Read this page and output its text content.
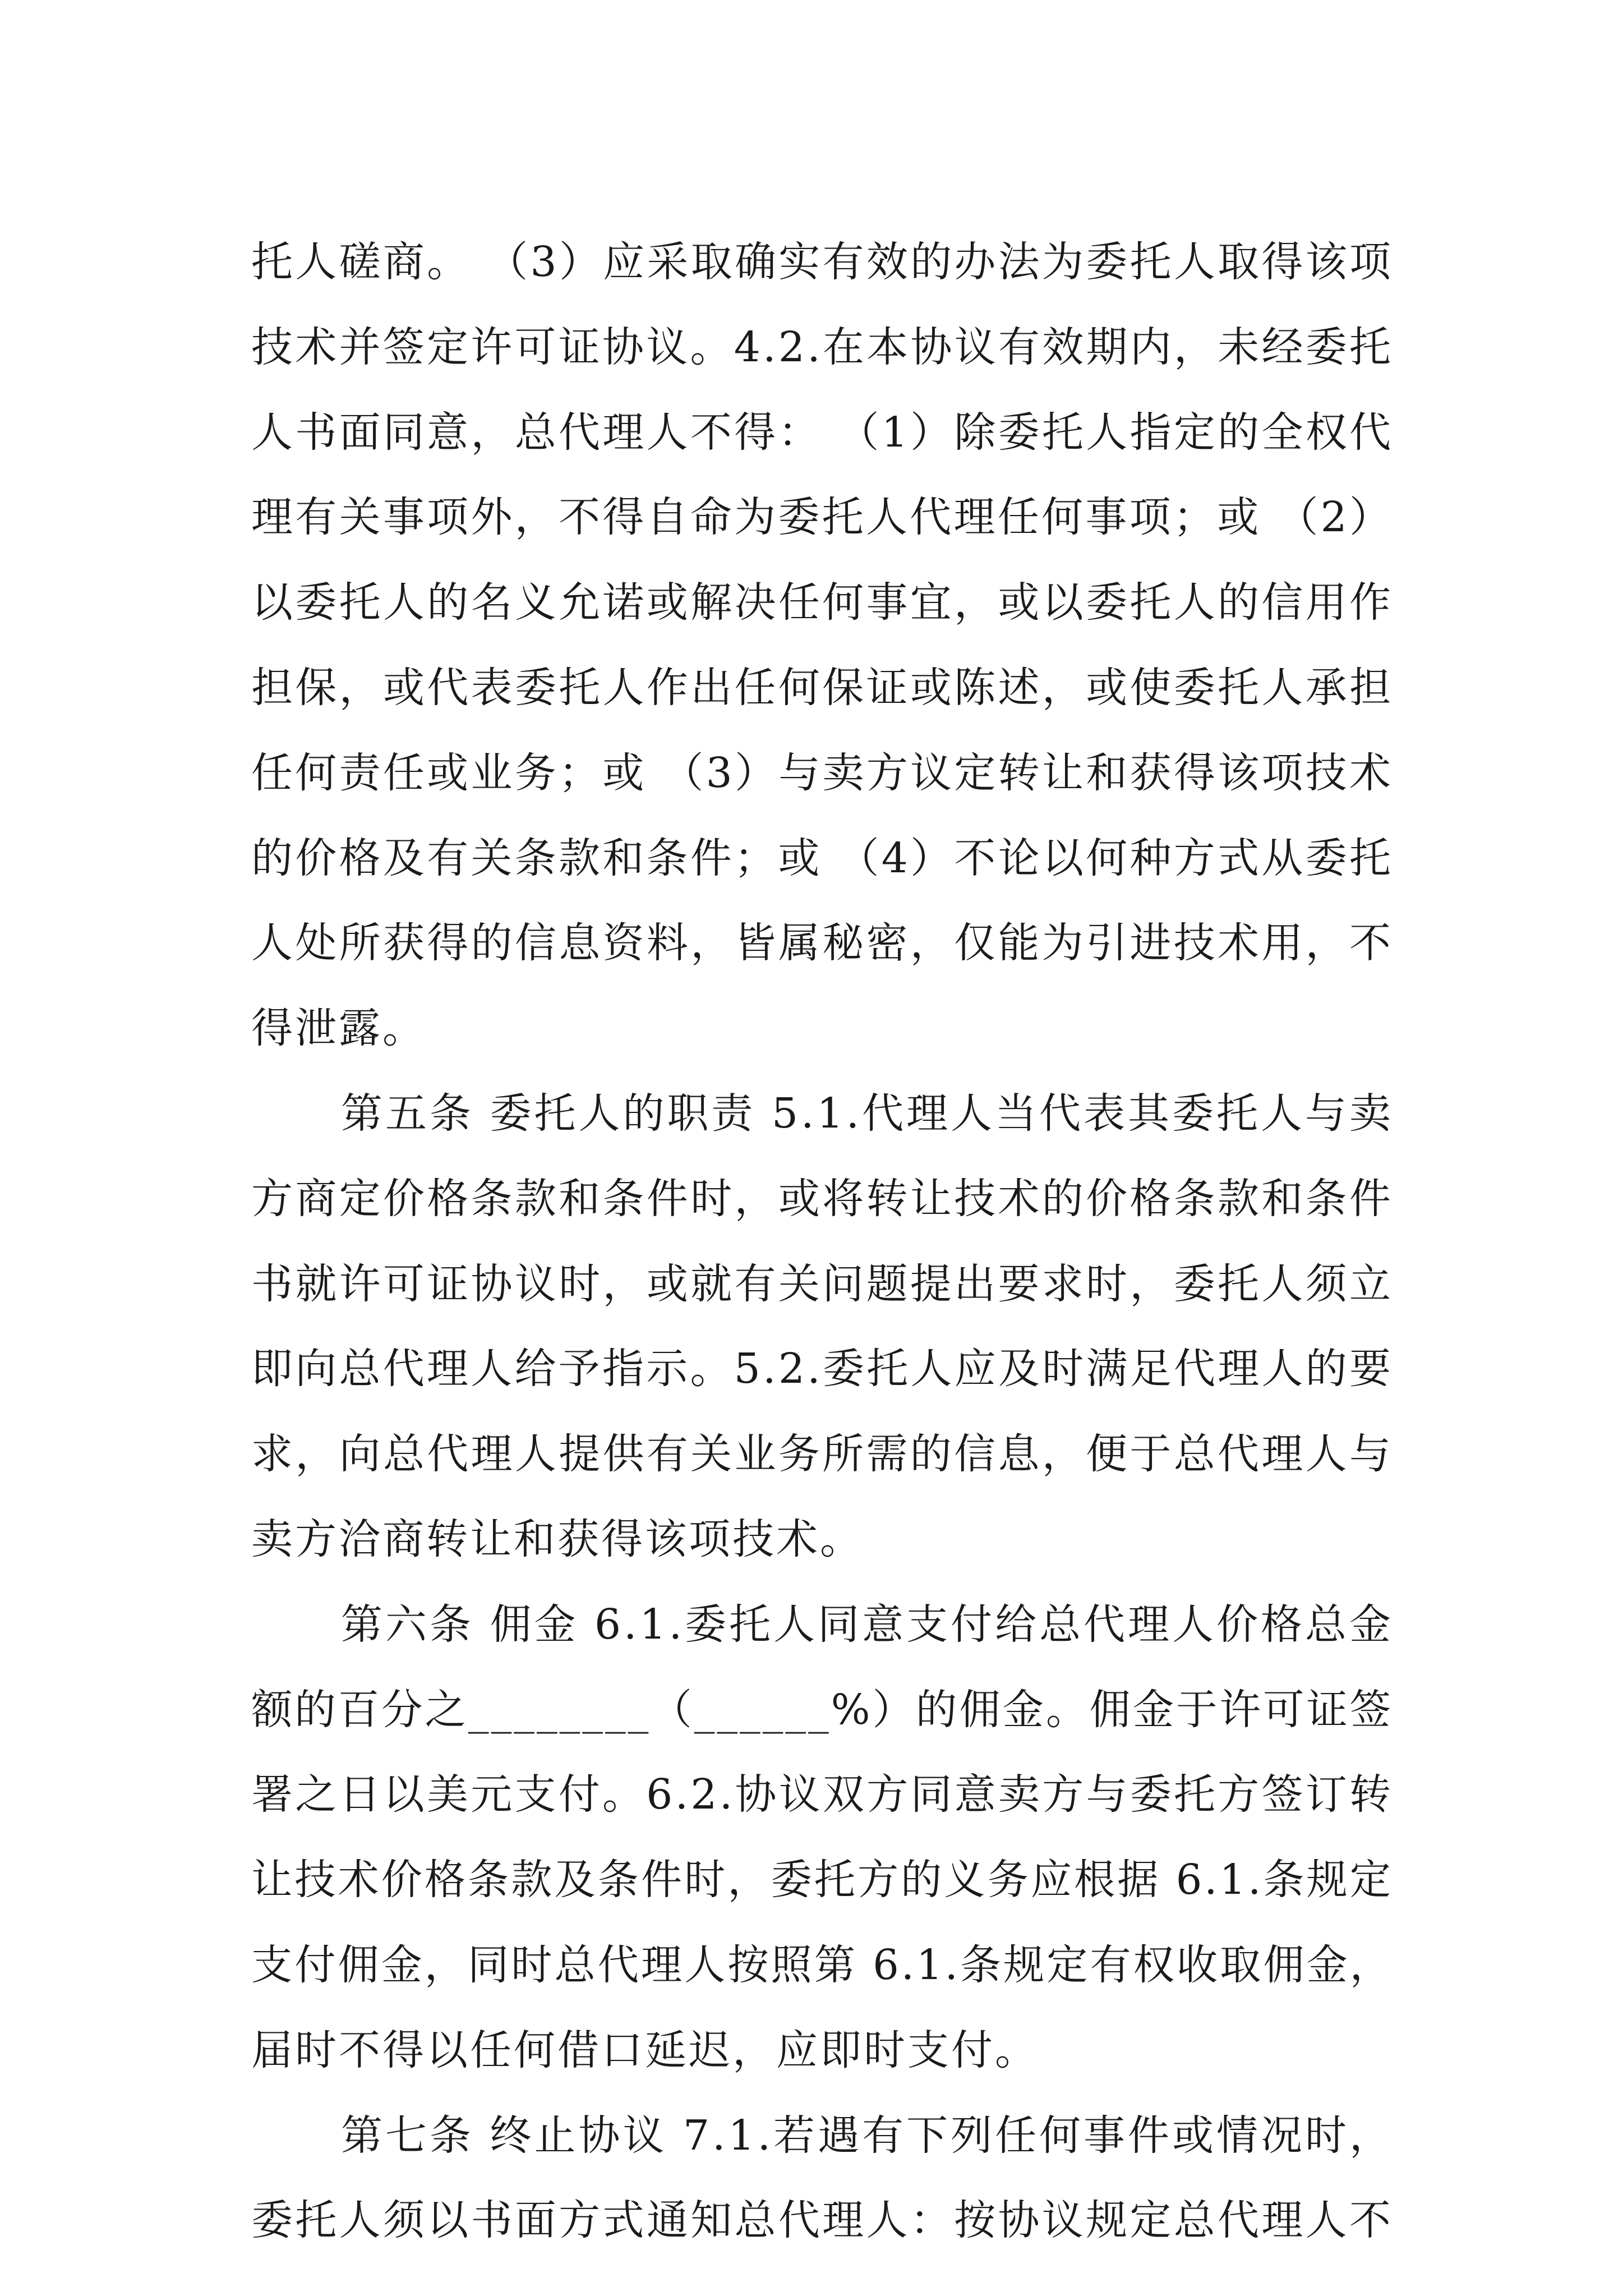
托人磋商。 （3）应采取确实有效的办法为委托人取得该项
技术并签定许可证协议。4.2.在本协议有效期内，未经委托
人书面同意，总代理人不得： （1）除委托人指定的全权代
理有关事项外，不得自命为委托人代理任何事项；或 （2）
以委托人的名义允诺或解决任何事宜，或以委托人的信用作
担保，或代表委托人作出任何保证或陈述，或使委托人承担
任何责任或业务；或 （3）与卖方议定转让和获得该项技术
的价格及有关条款和条件；或 （4）不论以何种方式从委托
人处所获得的信息资料，皆属秘密，仅能为引进技术用，不
得泄露。
第五条 委托人的职责 5.1.代理人当代表其委托人与卖
方商定价格条款和条件时，或将转让技术的价格条款和条件
书就许可证协议时，或就有关问题提出要求时，委托人须立
即向总代理人给予指示。5.2.委托人应及时满足代理人的要
求，向总代理人提供有关业务所需的信息，便于总代理人与
卖方洽商转让和获得该项技术。
第六条 佣金 6.1.委托人同意支付给总代理人价格总金
额的百分之________（______%）的佣金。佣金于许可证签
署之日以美元支付。6.2.协议双方同意卖方与委托方签订转
让技术价格条款及条件时，委托方的义务应根据 6.1.条规定
支付佣金，同时总代理人按照第 6.1.条规定有权收取佣金，
届时不得以任何借口延迟，应即时支付。
第七条 终止协议 7.1.若遇有下列任何事件或情况时，
委托人须以书面方式通知总代理人：按协议规定总代理人不
